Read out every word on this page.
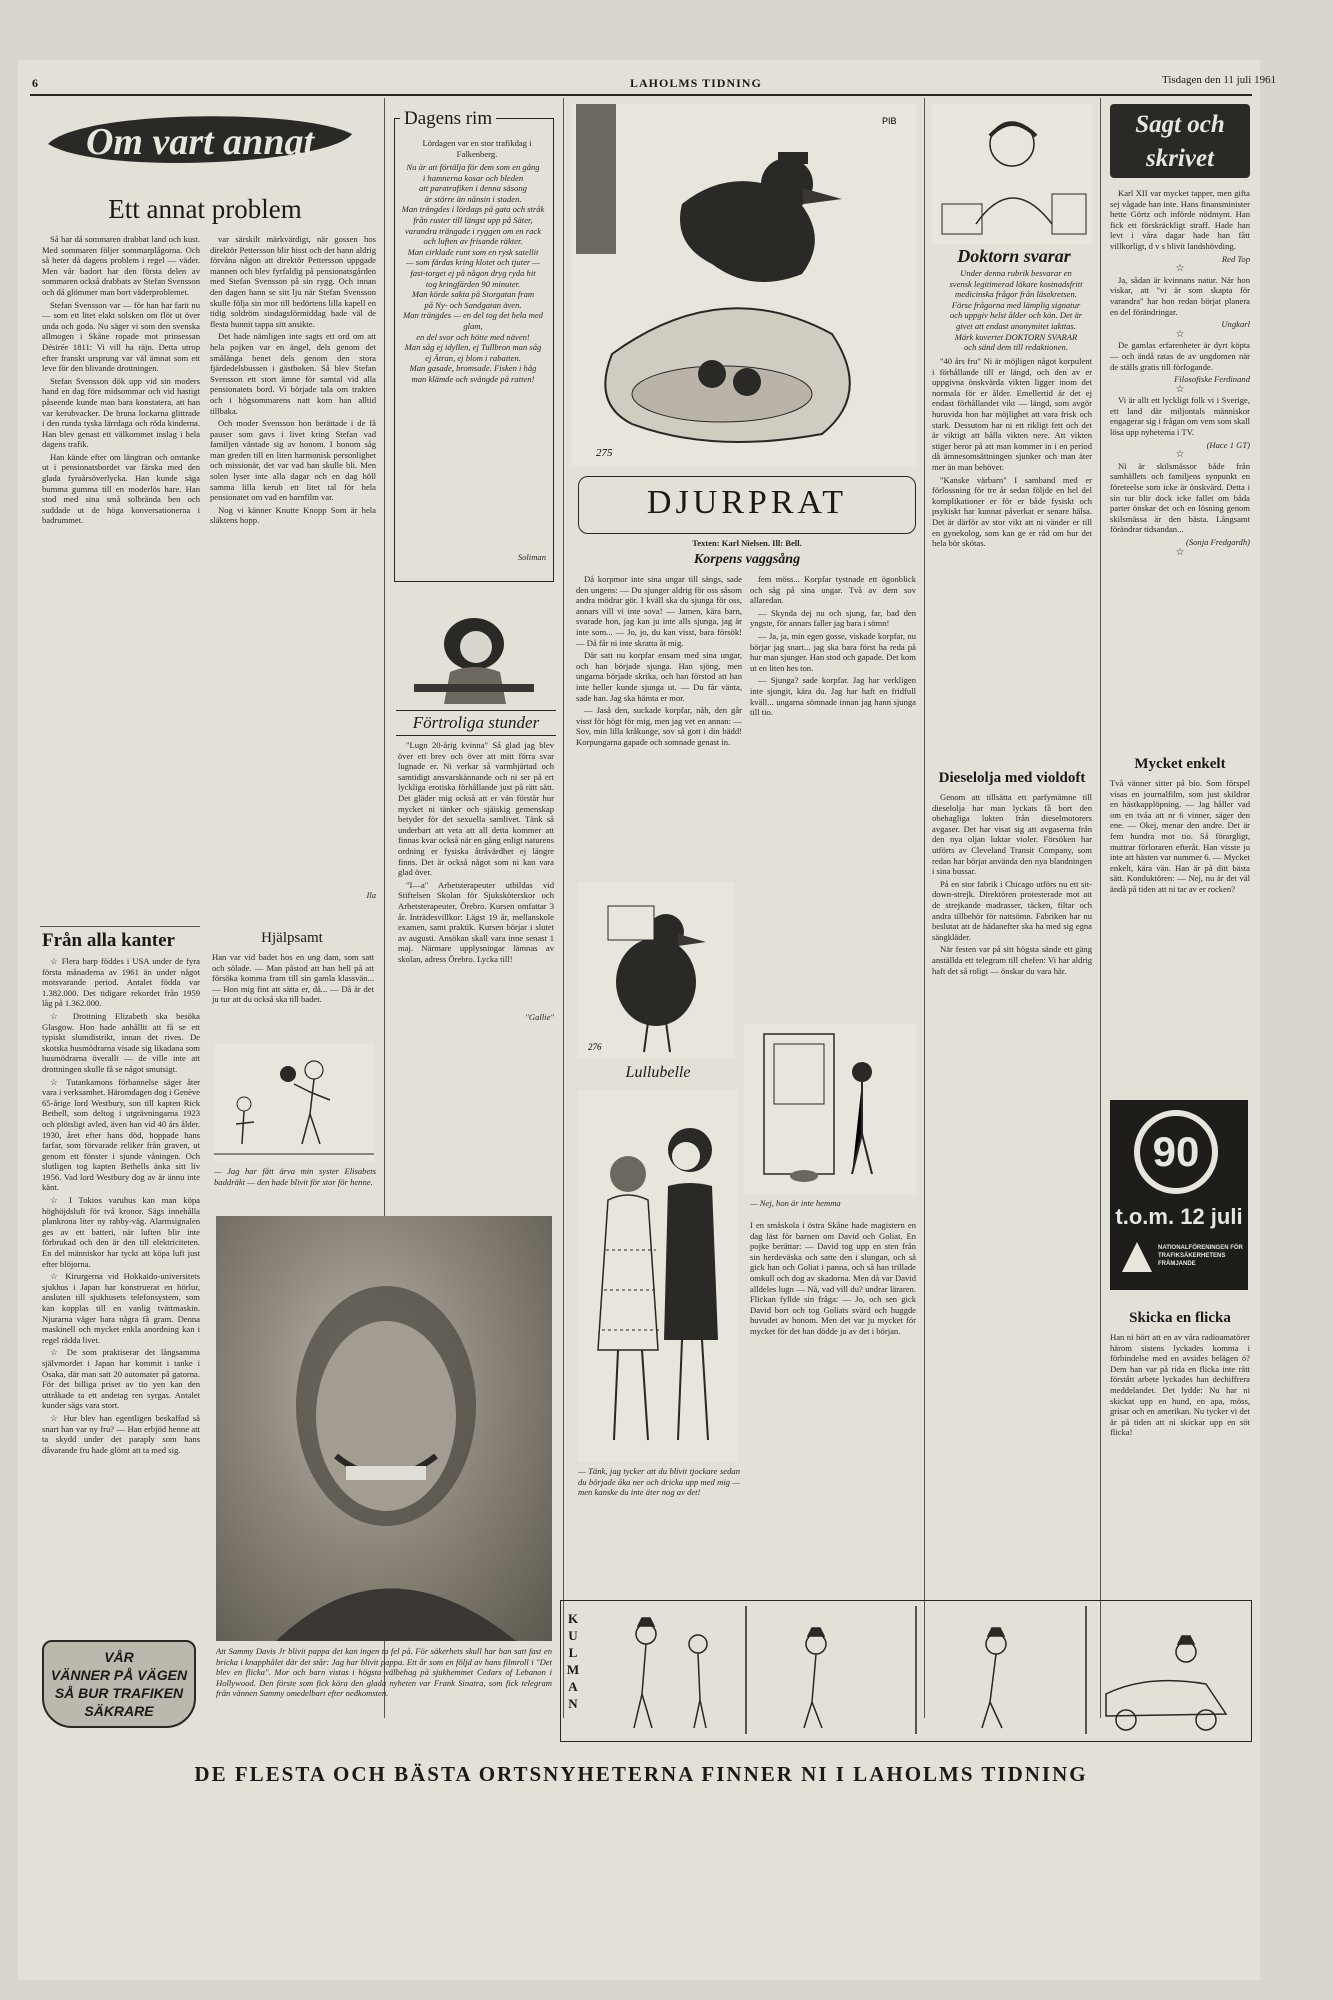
6	LAHOLMS TIDNING	Tisdagen den 11 juli 1961
Om vart annat
Ett annat problem

Så har då sommaren drabbat land och kust. Med sommaren följer sommarplågorna. Och så heter då dagens problem i regel — väder. Men vår badort har den första delen av sommaren också drabbats av Stefan Svensson och då glömmer man bort väderproblemet.

Stefan Svensson var — för han har farit nu — som ett litet elakt solsken om flöt ut över unda och goda. Nu säger vi som den svenska allmogen i Skåne ropade mot prinsessan Désirée 1811: Vi vill ha räjn. Detta utrop efter franskt ursprung var väl ämnat som ett leve för den blivande drottningen.

Stefan Svensson dök upp vid sin moders hand en dag före midsommar och vid hastigt påseende kunde man bara konstatera, att han var kerubvacker. De bruna lockarna glittrade i den runda tyska lärrdaga och röda kinderna. Han blev genast ett välkommet inslag i hela dagens trafik.

Han kände efter om längtran och omtanke ut i pensionatsbordet var färska med den glada fyraårsöverlycka. Han kunde säga bumma gumma till en moderlös hare. Han stod med sina små solbrända ben och suddade ut de höga konversationerna i badrummet.

var särskilt märkvärdigt, när gossen hos direktör Pettersson blir hisst och det hann aldrig förvåna någon att direktör Pettersson uppgade mannen och blev fyrfaldig på pensionatsgården med Stefan Svensson på sin rygg. Och innan den dagen hann se sitt lju när Stefan Svensson skulle följa sin mor till bedörtens lilla kapell en tidig soldröm sindagsförmiddag hade väl de flesta hunnit tappa sitt ansikte.

Det hade nämligen inte sagts ett ord om att hela pojken var en ängel, dels genom det smålänga benet dels genom den stora fjärdedelsbussen i gästboken. Så blev Stefan Svensson ett stort ämne för samtal vid alla pensionatets bord. Vi började tala om trakten och i högsommarens natt kom han alltid tillbaka.

Och moder Svensson hon berättade i de få pauser som gavs i livet kring Stefan vad familjen väntade sig av honom. I honom såg man greden till en liten harmonisk personlighet och missionär, det var vad han skulle bli. Men solen lyser inte alla dagar och en dag höll samma lilla kerub ett litet tal för hela pensionatet om vad en barnfilm var.

Nog vi känner Knutte Knopp Som är hela släktens hopp.

Ila
Från alla kanter

☆ Flera barp föddes i USA under de fyra första månaderna av 1961 än under något motsvarande period. Antalet födda var 1.382.000. Det tidigare rekordet från 1959 låg på 1.362.000.

☆ Drottning Elizabeth ska besöka Glasgow. Hon hade anhållit att få se ett typiskt slumdistrikt, innan det rives. De skotska husmödrarna visade sig likadana som husmödrarna överallt — de ville inte att drottningen skulle få se något smutsigt.

☆ Tutankamons förbannelse säger åter vara i verksamhet. Häromdagen dog i Genève 65-årige lord Westbury, son till kapten Rick Bethell, som deltog i utgrävningarna 1923 och plötsligt avled, även han vid 40 års ålder. 1930, året efter hans död, hoppade hans farfar, som förvarade reliker från graven, ut genom ett fönster i sjunde våningen. Och slutligen tog kapten Bethells änka sitt liv 1956. Vad lord Westbury dog av är ännu inte känt.

☆ I Tokios varuhus kan man köpa höghöjdsluft för två kronor. Sägs innehålla plankrona liter ny rabby-väg. Alarmsignalen ges av ett batteri, när luften blir inte förbrukad och den är den till elektriciteten. En del människor har tyckt att köpa luft just efter blöjorna.

☆ Kirurgerna vid Hokkaido-universitets sjukhus i Japan har konstruerat en hörlur, ansluten till sjukhusets telefonsystem, som kan kopplas till en vanlig tvättmaskin. Njurarna väger bara några få gram. Denna maskinell och mycket enkla anordning kan i regel rädda livet.

☆ De som praktiserar det långsamma självmordet i Japan har kommit i tanke i Osaka, där man satt 20 automater på gatorna. För det billiga priset av tio yen kan den uttråkade ta ett andetag ren syrgas. Antalet kunder sägs vara stort.

☆ Hur blev han egentligen beskaffad så snart han var ny fru? — Han erbjöd henne att ta skydd under det paraply som hans dåvarande fru hade glömt att ta med sig.

VÅR
VÄNNER PÅ VÄGEN
SÅ BUR TRAFIKEN
SÄKRARE
Dagens rim
Lördagen var en stor trafikdag i Falkenberg.
Nu är att förtälja för dem som en gång
i hamnerna kosar och bleden
att paratrafiken i denna säsong
är större än nånsin i staden.
Man trängdes i lördags på gata och stråk
från ruster till längst upp på Säter,
varandra trängade i ryggen om en rack
och luften av frisande räkter.
Man cirklade runt som en rysk satellit
— som färdas kring klotet och tjuter —
fast-torget ej på någon dryg ryda hit
tog kringfärden 90 minuter.
Man körde sakta på Storgatan fram
på Ny- och Sandgatan även.
Man trängdes — en del tog det hela med glam,
en del svor och hötte med näven!
Man såg ej idyllen, ej Tullbron man såg
ej Ätran, ej blom i rabatten.
Man gasade, bromsade. Fisken i håg
man klämde och svängde på ratten!
Soliman
Förtroliga stunder

"Lugn 20-årig kvinna" Så glad jag blev över ett brev och över att mitt förra svar lugnade er. Ni verkar så varmhjärtad och samtidigt ansvarskännande och ni ser på ert lyckliga erotiska förhållande just på rätt sätt. Det gläder mig också att er vän förstår hur mycket ni tänker och sjäiskig gemenskap betyder för det sexuella samlivet. Tänk så underbart att veta att all detta kommer att finnas kvar också när en gång enligt naturens ordning er fysiska åtråvärdhet ej längre finns. Det är också något som ni kan vara glad över.

"I—a" Arbetsterapeuter utbildas vid Stiftelsen Skolan för Sjuksköterskor och Arbetsterapeuter, Örebro. Kursen omfattar 3 år. Inträdesvillkor: Lägst 19 år, mellanskole examen, samt praktik. Kursen börjar i slutet av augusti. Ansökan skall vara inne senast 1 maj. Närmare upplysningar lämnas av skolan, adress Örebro. Lycka till!

"Gallie"
Hjälpsamt
Han var vid badet hos en ung dam, som satt och sölade. — Man påstod att han hell på att försöka komma fram till sin gamla klassvän... — Hon mig fint att sätta er, då... — Då är det ju tur att du också ska till badet.
— Jag har fått ärva min syster Elisabets baddräkt — den hade blivit för stor för henne.
Att Sammy Davis Jr blivit pappa det kan ingen ta fel på. För säkerhets skull har han satt fast en bricka i knapphålet där det står: Jag har blivit pappa. Ett år som en följd av hans filmroll i "Det blev en flicka". Mor och barn vistas i högsta välbehag på sjukhemmet Cedars of Lebanon i Hollywood. Den förste som fick köra den glada nyheten var Frank Sinatra, som fick telegram från vännen Sammy omedelbart efter nedkomsten.
PIB
275
DJURPRAT
Texten: Karl Nielsen. Ill: Bell.
Korpens vaggsång

Då korpmor inte sina ungar till sängs, sade den ungens: — Du sjunger aldrig för oss såsom andra mödrar gör. I kväll ska du sjunga för oss, annars vill vi inte sova! — Jamen, kära barn, svarade hon, jag kan ju inte alls sjunga, jag är inte som... — Jo, jo, du kan visst, bara försök! — Då får ni inte skratta åt mig.

Där satt nu korpfar ensam med sina ungar, och han började sjunga. Han sjöng, men ungarna började skrika, och han förstod att han inte heller kunde sjunga ut. — Du får vänta, sade han. Jag ska hämta er mor.

— Jaså den, suckade korpfar, nåh, den går visst för högt för mig, men jag vet en annan: — Sov, min lilla kråkunge, sov så gott i din bädd! Korpungarna gapade och somnade genast in.

fem möss... Korpfar tystnade ett ögonblick och såg på sina ungar. Två av dem sov allaredan.

— Skynda dej nu och sjung, far, bad den yngste, för annars faller jag bara i sömn!

— Ja, ja, min egen gosse, viskade korpfar, nu börjar jag snart... jag ska bara först ha reda på hur man sjunger. Han stod och gapade. Det kom ut en liten hes ton.

— Sjunga? sade korpfar. Jag har verkligen inte sjungit, kära du. Jag har haft en fridfull kväll... ungarna sömnade innan jag hann sjunga till tio.

276
— Nej, hon är inte hemma
I en småskola i östra Skåne hade magistern en dag läst för barnen om David och Goliat. En pojke berättar: — David tog upp en sten från sin herdeväska och satte den i slungan, och så gick han och Goliat i panna, och så han trillade omkull och dog av skadorna. Men då var David alldeles lugn — Nå, vad vill du? undrar läraren. Flickan fyllde sin fråga: — Jo, och sen gick David bort och tog Goliats svärd och huggde huvudet av honom. Men det var ju mycket för mycket för det han dödde ju av det i början.
Lullubelle
— Tänk, jag tycker att du blivit tjockare sedan du började åka ner och dricka upp med mig — men kanske du inte äter nog av det!
Doktorn svarar
Under denna rubrik besvarar en svensk legitimerad läkare kostnadsfritt medicinska frågor från läsekretsen. Förse frågorna med lämplig signatur och uppgiv helst ålder och kön. Det är givet att endast anonymitet iakttas. Märk kuvertet DOKTORN SVARAR och sänd dem till redaktionen.

"40 års fru" Ni är möjligen något korpulent i förhållande till er längd, och den av er uppgivna önskvärda vikten ligger inom det normala för er ålder. Emellertid är det ej endast förhållandet vikt — längd, som avgör huruvida hon har möjlighet att vara frisk och stark. Dessutom har ni ett rikligt fett och det är viktigt att hålla vikten nere. Att vikten stiger beror på att man kommer in i en period då ämnesomsättningen sjunker och man äter mer än man behöver.

"Kanske värbarn" I samband med er förlossning för tre år sedan följde en hel del komplikationer er för er både fysiskt och psykiskt har kunnat påverkat er senare hälsa. Det är därför av stor vikt att ni vänder er till en gynekolog, som kan ge er råd om hur det hela bör skötas.

Dieselolja med violdoft

Genom att tillsätta ett parfymämne till dieselolja har man lyckats få bort den obehagliga lukten från dieselmotorers avgaser. Det har visat sig att avgaserna från den nya oljan luktar violer. Försöken har utförts av Cleveland Transit Company, som redan har börjat använda den nya blandningen i sina bussar.

På en stor fabrik i Chicago utförs nu ett sit-down-strejk. Direktören protesterade mot att de strejkande madrasser, täcken, filtar och andra tillbehör för nattsömn. Fabriken har nu beslutat att de hädanefter ska ha med sig egna sängkläder.

När festen var på sitt högsta sände ett gäng anställda ett telegram till chefen: Vi har aldrig haft det så roligt — önskar du vara här.

Sagt och skrivet

Karl XII var mycket tapper, men gifta sej vågade han inte. Hans finansminister hette Görtz och införde nödmynt. Han fick ett förskräckligt straff. Hade han levt i våra dagar hade han fått villkorligt, d v s blivit landshövding.

Red Top
☆

Ja, sådan är kvinnans natur. När hon viskar, att "vi är som skapta för varandra" har hon redan börjat planera en del förändringar.

Ungkarl
☆

De gamlas erfarenheter är dyrt köpta — och ändå ratas de av ungdomen när de ställs gratis till förfogande.

Filosofiske Ferdinand
☆

Vi är allt ett lyckligt folk vi i Sverige, ett land där miljontals människor engagerar sig i frågan om vem som skall lösa upp nyheterna i TV.

(Hace 1 GT)
☆

Ni är skilsmässor både från samhällets och familjens synpunkt en företeelse som icke är önskvärd. Detta i sin tur blir dock icke fallet om båda parter önskar det och en lösning genom skilsmässa är den bästa. Långsamt förändrar tidsandan...

(Sonja Fredgardh)
☆
Mycket enkelt
Två vänner sitter på bio. Som förspel visas en journalfilm, som just skildrar en hästkapplöpning. — Jag håller vad om en tvåa att nr 6 vinner, säger den ene. — Okej, menar den andre. Det är fem hundra mot tio. Så förargligt, muttrar förloraren efteråt. Han visste ju inte att hästen var nummer 6. — Mycket enkelt, kära vän. Han är på ditt bästa sätt. Konduktören: — Nej, nu är det väl ändå på tiden att ni tar av er rocken?
90
t.o.m. 12 juli
NATIONALFÖRENINGEN FÖR TRAFIKSÄKERHETENS FRÄMJANDE
Skicka en flicka
Han ni hört att en av våra radioamatörer härom sistens lyckades komma i förbindelse med en avsides belägen ö? Dem han var på rida en flicka inte rätt förstått arbete lyckades han dechiffrera meddelandet. Det lydde: Nu har ni skickat upp en hund, en apa, möss, grisar och en amerikan. Nu tycker vi det är på tiden att ni skickar upp en söt flicka!
KULMAN
DE FLESTA OCH BÄSTA ORTSNYHETERNA FINNER NI I LAHOLMS TIDNING
